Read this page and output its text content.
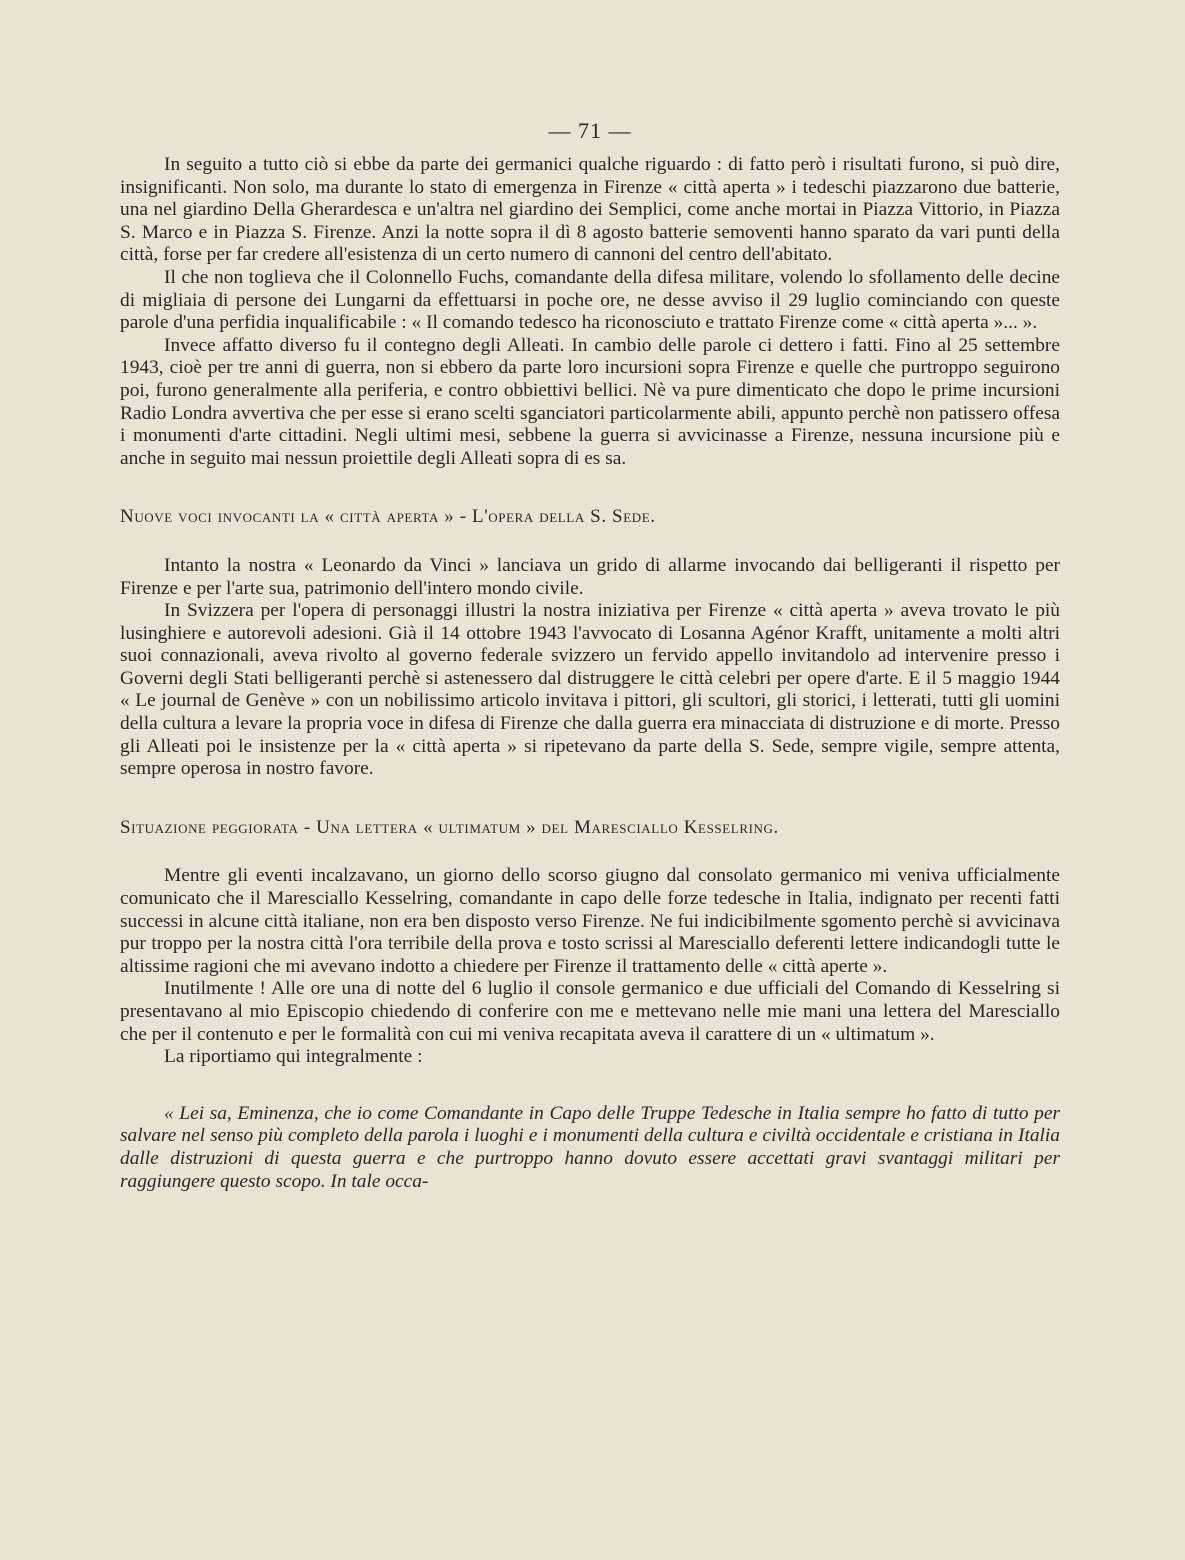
— 71 —

In seguito a tutto ciò si ebbe da parte dei germanici qualche riguardo : di fatto però i risultati furono, si può dire, insignificanti. Non solo, ma durante lo stato di emergenza in Firenze « città aperta » i tedeschi piazzarono due batterie, una nel giardino Della Gherardesca e un'altra nel giardino dei Semplici, come anche mortai in Piazza Vittorio, in Piazza S. Marco e in Piazza S. Firenze. Anzi la notte sopra il dì 8 agosto batterie semoventi hanno sparato da vari punti della città, forse per far credere all'esistenza di un certo numero di cannoni del centro dell'abitato.

Il che non toglieva che il Colonnello Fuchs, comandante della difesa militare, volendo lo sfollamento delle decine di migliaia di persone dei Lungarni da effettuarsi in poche ore, ne desse avviso il 29 luglio cominciando con queste parole d'una perfidia inqualificabile : « Il comando tedesco ha riconosciuto e trattato Firenze come « città aperta »... ».

Invece affatto diverso fu il contegno degli Alleati. In cambio delle parole ci dettero i fatti. Fino al 25 settembre 1943, cioè per tre anni di guerra, non si ebbero da parte loro incursioni sopra Firenze e quelle che purtroppo seguirono poi, furono generalmente alla periferia, e contro obbiettivi bellici. Nè va pure dimenticato che dopo le prime incursioni Radio Londra avvertiva che per esse si erano scelti sganciatori particolarmente abili, appunto perchè non patissero offesa i monumenti d'arte cittadini. Negli ultimi mesi, sebbene la guerra si avvicinasse a Firenze, nessuna incursione più e anche in seguito mai nessun proiettile degli Alleati sopra di es sa.

Nuove voci invocanti la « città aperta » - L'opera della S. Sede.

Intanto la nostra « Leonardo da Vinci » lanciava un grido di allarme invocando dai belligeranti il rispetto per Firenze e per l'arte sua, patrimonio dell'intero mondo civile.

In Svizzera per l'opera di personaggi illustri la nostra iniziativa per Firenze « città aperta » aveva trovato le più lusinghiere e autorevoli adesioni. Già il 14 ottobre 1943 l'avvocato di Losanna Agénor Krafft, unitamente a molti altri suoi connazionali, aveva rivolto al governo federale svizzero un fervido appello invitandolo ad intervenire presso i Governi degli Stati belligeranti perchè si astenessero dal distruggere le città celebri per opere d'arte. E il 5 maggio 1944 « Le journal de Genève » con un nobilissimo articolo invitava i pittori, gli scultori, gli storici, i letterati, tutti gli uomini della cultura a levare la propria voce in difesa di Firenze che dalla guerra era minacciata di distruzione e di morte. Presso gli Alleati poi le insistenze per la « città aperta » si ripetevano da parte della S. Sede, sempre vigile, sempre attenta, sempre operosa in nostro favore.

Situazione peggiorata - Una lettera « ultimatum » del Maresciallo Kesselring.

Mentre gli eventi incalzavano, un giorno dello scorso giugno dal consolato germanico mi veniva ufficialmente comunicato che il Maresciallo Kesselring, comandante in capo delle forze tedesche in Italia, indignato per recenti fatti successi in alcune città italiane, non era ben disposto verso Firenze. Ne fui indicibilmente sgomento perchè si avvicinava pur troppo per la nostra città l'ora terribile della prova e tosto scrissi al Maresciallo deferenti lettere indicandogli tutte le altissime ragioni che mi avevano indotto a chiedere per Firenze il trattamento delle « città aperte ».

Inutilmente ! Alle ore una di notte del 6 luglio il console germanico e due ufficiali del Comando di Kesselring si presentavano al mio Episcopio chiedendo di conferire con me e mettevano nelle mie mani una lettera del Maresciallo che per il contenuto e per le formalità con cui mi veniva recapitata aveva il carattere di un « ultimatum ».

La riportiamo qui integralmente :

« Lei sa, Eminenza, che io come Comandante in Capo delle Truppe Tedesche in Italia sempre ho fatto di tutto per salvare nel senso più completo della parola i luoghi e i monumenti della cultura e civiltà occidentale e cristiana in Italia dalle distruzioni di questa guerra e che purtroppo hanno dovuto essere accettati gravi svantaggi militari per raggiungere questo scopo. In tale occa-
